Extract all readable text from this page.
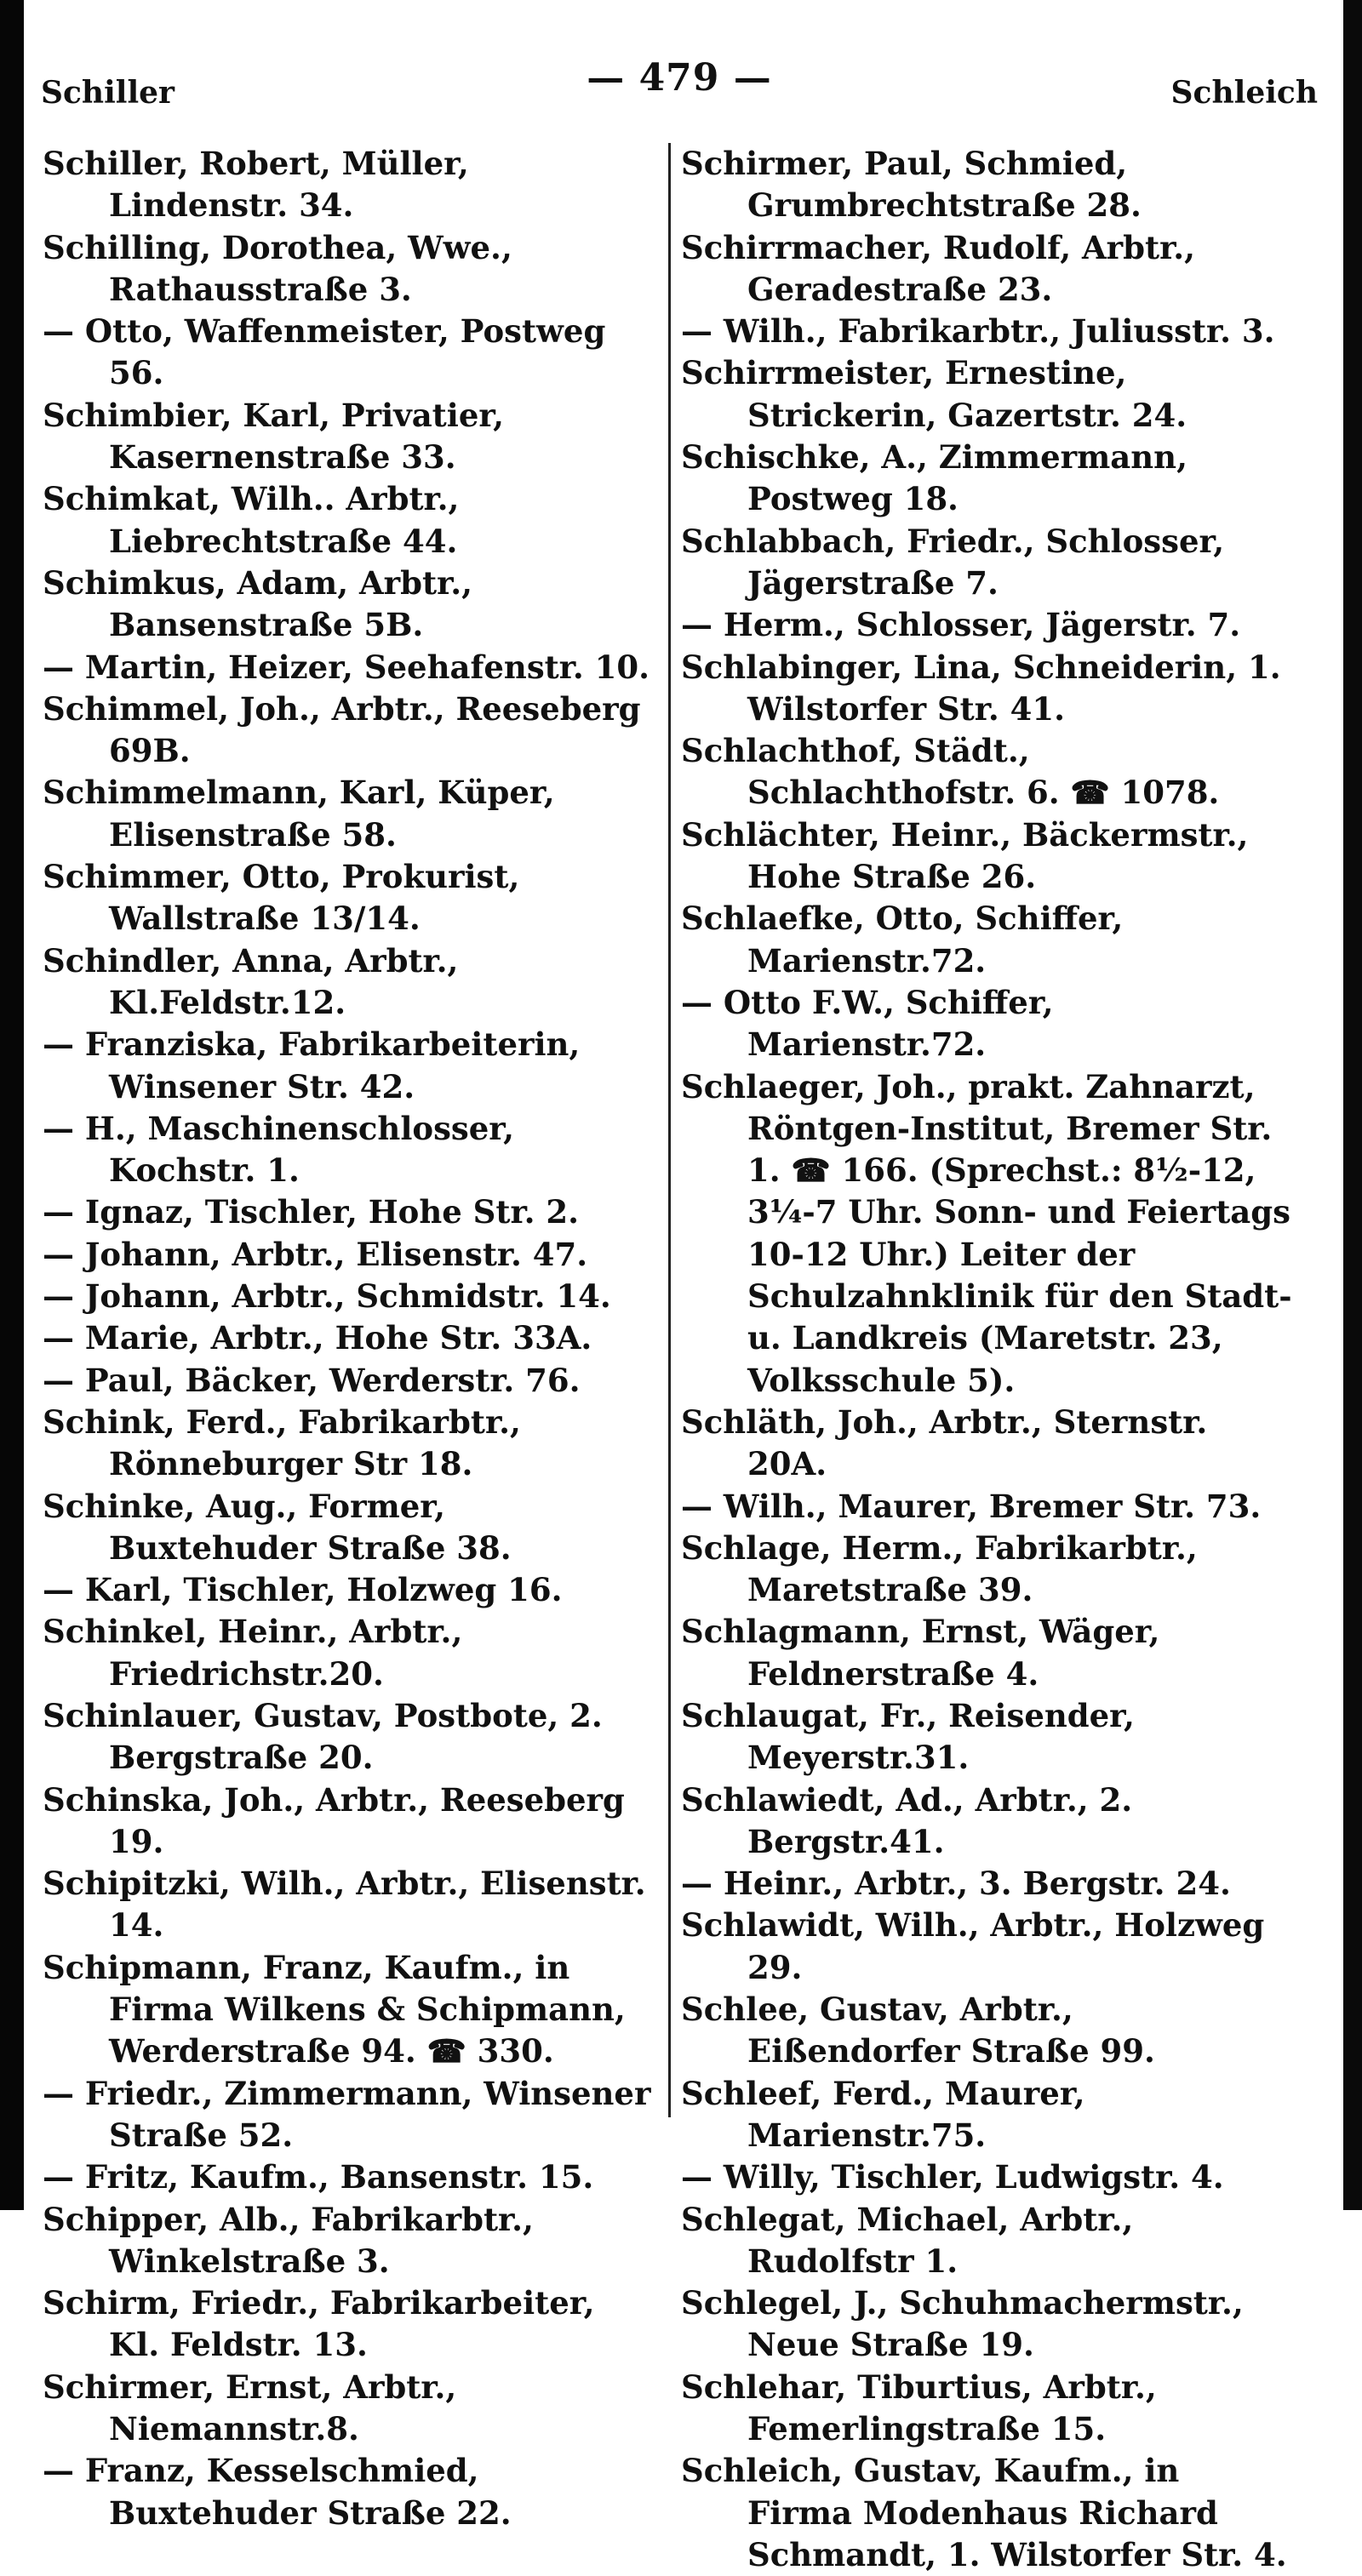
Schiller	— 479 —	Schleich

Schiller, Robert, Müller, Lindenstr. 34.

Schilling, Dorothea, Wwe., Rathausstraße 3.

— Otto, Waffenmeister, Postweg 56.

Schimbier, Karl, Privatier, Kasernenstraße 33.

Schimkat, Wilh.. Arbtr., Liebrechtstraße 44.

Schimkus, Adam, Arbtr., Bansenstraße 5B.

— Martin, Heizer, Seehafenstr. 10.

Schimmel, Joh., Arbtr., Reeseberg 69B.

Schimmelmann, Karl, Küper, Elisenstraße 58.

Schimmer, Otto, Prokurist, Wallstraße 13/14.

Schindler, Anna, Arbtr., Kl.Feldstr.12.

— Franziska, Fabrikarbeiterin, Winsener Str. 42.

— H., Maschinenschlosser, Kochstr. 1.

— Ignaz, Tischler, Hohe Str. 2.

— Johann, Arbtr., Elisenstr. 47.

— Johann, Arbtr., Schmidstr. 14.

— Marie, Arbtr., Hohe Str. 33A.

— Paul, Bäcker, Werderstr. 76.

Schink, Ferd., Fabrikarbtr., Rönneburger Str 18.

Schinke, Aug., Former, Buxtehuder Straße 38.

— Karl, Tischler, Holzweg 16.

Schinkel, Heinr., Arbtr., Friedrichstr.20.

Schinlauer, Gustav, Postbote, 2. Bergstraße 20.

Schinska, Joh., Arbtr., Reeseberg 19.

Schipitzki, Wilh., Arbtr., Elisenstr. 14.

Schipmann, Franz, Kaufm., in Firma Wilkens & Schipmann, Werderstraße 94. ☎ 330.

— Friedr., Zimmermann, Winsener Straße 52.

— Fritz, Kaufm., Bansenstr. 15.

Schipper, Alb., Fabrikarbtr., Winkelstraße 3.

Schirm, Friedr., Fabrikarbeiter, Kl. Feldstr. 13.

Schirmer, Ernst, Arbtr., Niemannstr.8.

— Franz, Kesselschmied, Buxtehuder Straße 22.

Schirmer, Paul, Schmied, Grumbrechtstraße 28.

Schirrmacher, Rudolf, Arbtr., Geradestraße 23.

— Wilh., Fabrikarbtr., Juliusstr. 3.

Schirrmeister, Ernestine, Strickerin, Gazertstr. 24.

Schischke, A., Zimmermann, Postweg 18.

Schlabbach, Friedr., Schlosser, Jägerstraße 7.

— Herm., Schlosser, Jägerstr. 7.

Schlabinger, Lina, Schneiderin, 1. Wilstorfer Str. 41.

Schlachthof, Städt., Schlachthofstr. 6. ☎ 1078.

Schlächter, Heinr., Bäckermstr., Hohe Straße 26.

Schlaefke, Otto, Schiffer, Marienstr.72.

— Otto F.W., Schiffer, Marienstr.72.

Schlaeger, Joh., prakt. Zahnarzt, Röntgen-Institut, Bremer Str. 1. ☎ 166. (Sprechst.: 8½-12, 3¼-7 Uhr. Sonn- und Feiertags 10-12 Uhr.) Leiter der Schulzahnklinik für den Stadt- u. Landkreis (Maretstr. 23, Volksschule 5).

Schläth, Joh., Arbtr., Sternstr. 20A.

— Wilh., Maurer, Bremer Str. 73.

Schlage, Herm., Fabrikarbtr., Maretstraße 39.

Schlagmann, Ernst, Wäger, Feldnerstraße 4.

Schlaugat, Fr., Reisender, Meyerstr.31.

Schlawiedt, Ad., Arbtr., 2. Bergstr.41.

— Heinr., Arbtr., 3. Bergstr. 24.

Schlawidt, Wilh., Arbtr., Holzweg 29.

Schlee, Gustav, Arbtr., Eißendorfer Straße 99.

Schleef, Ferd., Maurer, Marienstr.75.

— Willy, Tischler, Ludwigstr. 4.

Schlegat, Michael, Arbtr., Rudolfstr 1.

Schlegel, J., Schuhmachermstr., Neue Straße 19.

Schlehar, Tiburtius, Arbtr., Femerlingstraße 15.

Schleich, Gustav, Kaufm., in Firma Modenhaus Richard Schmandt, 1. Wilstorfer Str. 4.
